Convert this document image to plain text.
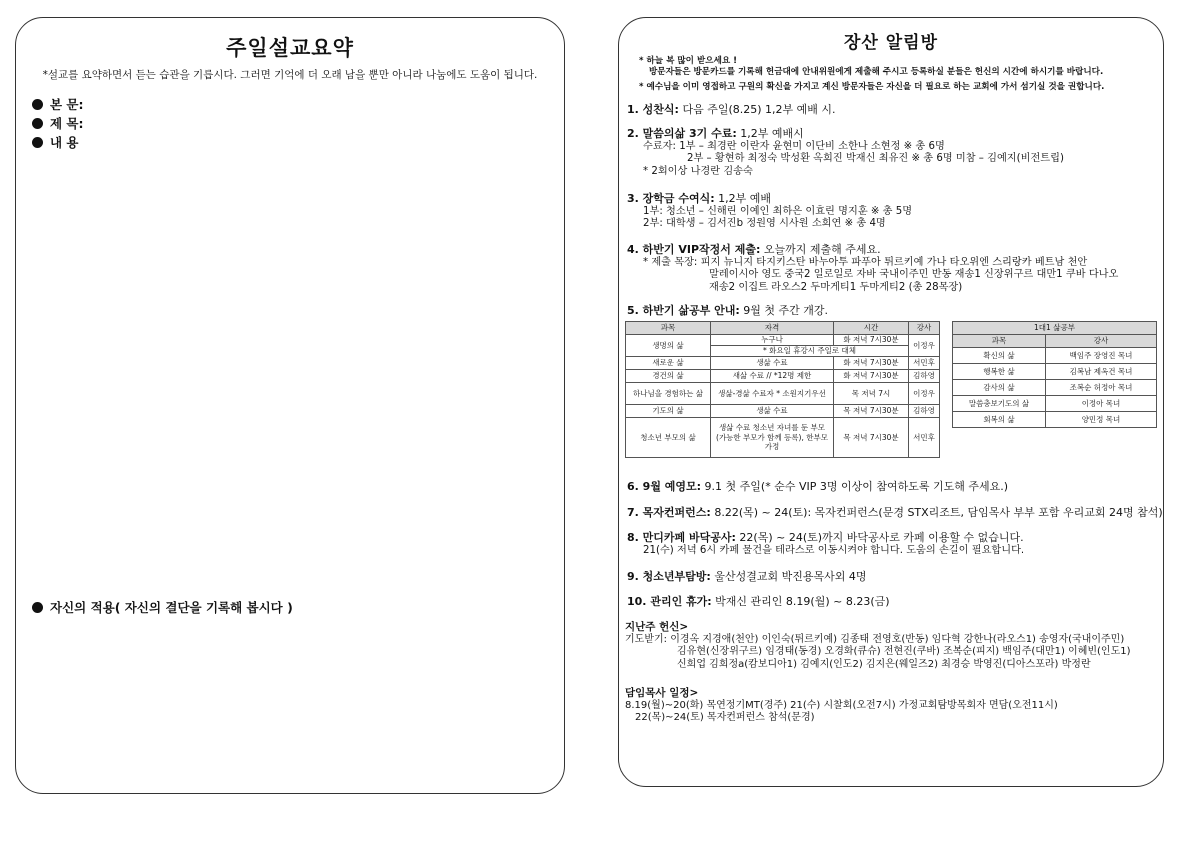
주일설교요약
*설교를 요약하면서 듣는 습관을 기릅시다. 그러면 기억에 더 오래 남을 뿐만 아니라 나눔에도 도움이 됩니다.
본 문:
제 목:
내 용
자신의 적용( 자신의 결단을 기록해 봅시다 )
장산 알림방
* 하늘 복 많이 받으세요 !
방문자들은 방문카드를 기록해 헌금대에 안내위원에게 제출해 주시고 등록하실 분들은 헌신의 시간에 하시기를 바랍니다.
* 예수님을 이미 영접하고 구원의 확신을 가지고 계신 방문자들은 자신을 더 필요로 하는 교회에 가서 섬기실 것을 권합니다.
1. 성찬식: 다음 주일(8.25) 1,2부 예배 시.
2. 말씀의삶 3기 수료: 1,2부 예배시
수료자: 1부 – 최경란 이란자 윤현미 이단비 소한나 소현정 ※ 총 6명
2부 – 황현하 최정숙 박성환 옥희진 박재신 최유진 ※ 총 6명 미참 – 김예지(비전트립)
* 2회이상 나경란 김송숙
3. 장학금 수여식: 1,2부 예배
1부: 청소년 – 신해린 이예인 최하은 이효린 명지훈 ※ 총 5명
2부: 대학생 – 김서진b 정원영 시사원 소희연 ※ 총 4명
4. 하반기 VIP작정서 제출: 오늘까지 제출해 주세요.
* 제출 목장: 피지 뉴니지 타지키스탄 바누아투 파푸아 튀르키예 가나 타오위엔 스리랑카 베트남 천안
말레이시아 영도 중국2 일로일로 자바 국내이주민 반동 재송1 신장위구르 대만1 쿠바 다나오
재송2 이집트 라오스2 두마게티1 두마게티2 (총 28목장)
5. 하반기 삶공부 안내: 9월 첫 주간 개강.
과목	자격	시간	강사
생명의 삶	누구나	화 저녁 7시30분	이정우
	* 화요일 휴강시 주일로 대체		
새로운 삶	생삶 수료	화 저녁 7시30분	서민후
경건의 삶	새삶 수료 // *12명 제한	화 저녁 7시30분	김하영
하나님을 경험하는 삶	생삶-경삶 수료자 * 소원지기우선	목 저녁 7시	이정우
기도의 삶	생삶 수료	목 저녁 7시30분	김하영
청소년 부모의 삶	생삶 수료 청소년 자녀를 둔 부모 (가능한 부모가 함께 등록), 한부모 가정	목 저녁 7시30분	서민후
1대1 삶공부	
과목	강사
확신의 삶	백임주 장영진 목녀
행복한 삶	김복남 제옥건 목녀
감사의 삶	조복순 허정아 목녀
말씀충보기도의 삶	이정아 목녀
회복의 삶	양민정 목녀
6. 9월 예영모: 9.1 첫 주일(* 순수 VIP 3명 이상이 참여하도록 기도해 주세요.)
7. 목자컨퍼런스: 8.22(목) ~ 24(토): 목자컨퍼런스(문경 STX리조트, 담임목사 부부 포함 우리교회 24명 참석)
8. 만디카페 바닥공사: 22(목) ~ 24(토)까지 바닥공사로 카페 이용할 수 없습니다.
21(수) 저녁 6시 카페 물건을 테라스로 이동시켜야 합니다. 도움의 손길이 필요합니다.
9. 청소년부탐방: 울산성결교회 박진용목사외 4명
10. 관리인 휴가: 박재신 관리인 8.19(월) ~ 8.23(금)
지난주 헌신>
기도받기: 이경옥 지경애(천안) 이인숙(튀르키예) 김종태 전영호(반동) 임다혁 강한나(라오스1) 송영자(국내이주민)
김유현(신장위구르) 임경태(동경) 오경화(큐슈) 전현진(쿠바) 조복순(피지) 백임주(대만1) 이혜빈(인도1)
신희업 김희정a(캄보디아1) 김예지(인도2) 김지은(웨일즈2) 최경승 박영진(디아스포라) 박정란
담임목사 일정>
8.19(월)~20(화) 목연정기MT(경주) 21(수) 시찰회(오전7시) 가정교회탐방목회자 면담(오전11시)
22(목)~24(토) 목자컨퍼런스 참석(문경)
